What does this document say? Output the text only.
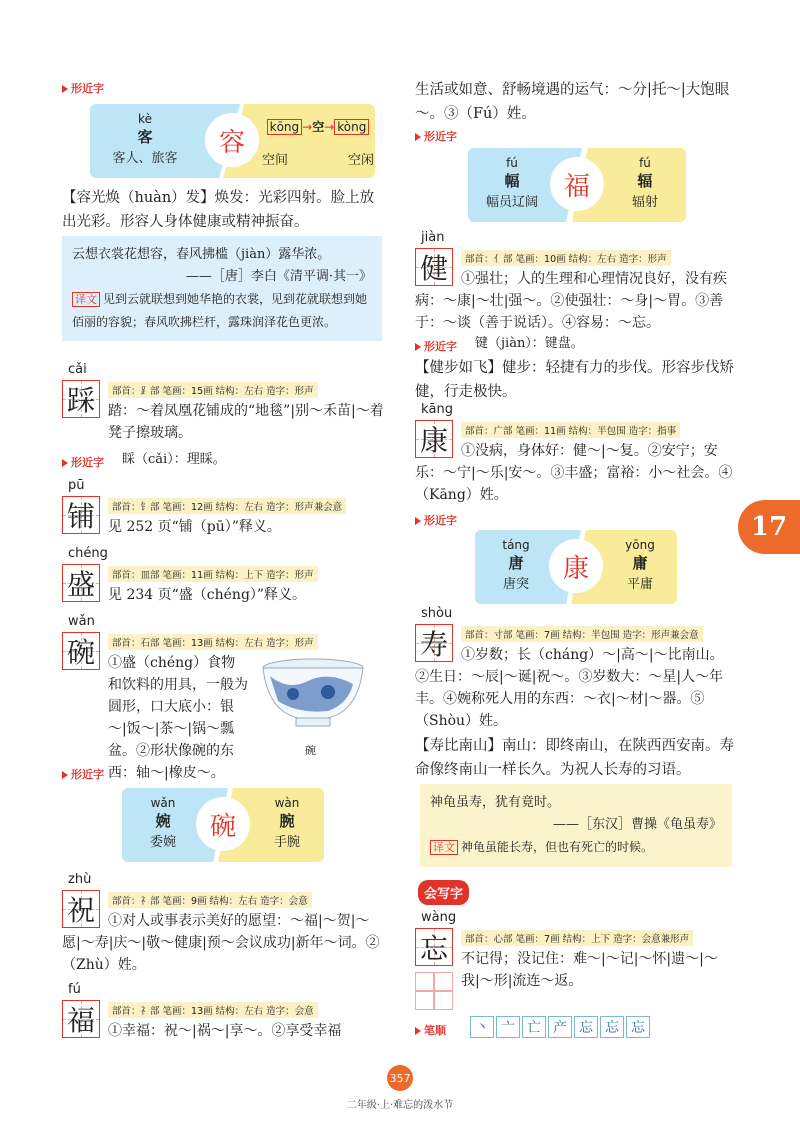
形近字
容
kè
客
客人、旅客
kōng →空→ kòng
空间	空闲
【容光焕（huàn）发】焕发：光彩四射。脸上放出光彩。形容人身体健康或精神振奋。
云想衣裳花想容，春风拂槛（jiàn）露华浓。
——［唐］李白《清平调·其一》
译文 见到云就联想到她华艳的衣裳，见到花就联想到她佰丽的容貌；春风吹拂栏杆，露珠润泽花色更浓。
cǎi
踩	部首：⻊部 笔画：15画 结构：左右 造字：形声
踏：～着凤凰花铺成的“地毯”|别～禾苗|～着凳子擦玻璃。
形近字 睬（cǎi）：理睬。
pū
铺	部首：钅部 笔画：12画 结构：左右 造字：形声兼会意
见 252 页“铺（pū）”释义。
chéng
盛	部首：皿部 笔画：11画 结构：上下 造字：形声
见 234 页“盛（chéng）”释义。
wǎn
碗	部首：石部 笔画：13画 结构：左右 造字：形声
①盛（chéng）食物和饮料的用具，一般为圆形，口大底小：银～|饭～|茶～|锅～瓢盆。②形状像碗的东西：轴～|橡皮～。
碗
形近字
碗
wǎn
婉
委婉
wàn
腕
手腕
zhù
祝	部首：礻部 笔画：9画 结构：左右 造字：会意
①对人或事表示美好的愿望：～福|～贺|～愿|～寿|庆～|敬～健康|预～会议成功|新年～词。②（Zhù）姓。
fú
福	部首：礻部 笔画：13画 结构：左右 造字：会意
①幸福：祝～|祸～|享～。②享受幸福
生活或如意、舒畅境遇的运气：～分|托～|大饱眼～。③（Fú）姓。
形近字
福
fú
幅
幅员辽阔
fú
辐
辐射
jiàn
健	部首：亻部 笔画：10画 结构：左右 造字：形声
①强壮；人的生理和心理情况良好，没有疾病：～康|～壮|强～。②使强壮：～身|～胃。③善于：～谈（善于说话）。④容易：～忘。
形近字 键（jiàn）：键盘。
【健步如飞】健步：轻捷有力的步伐。形容步伐矫健，行走极快。
kāng
康	部首：广部 笔画：11画 结构：半包围 造字：指事
①没病，身体好：健～|～复。②安宁；安乐：～宁|～乐|安～。③丰盛；富裕：小～社会。④（Kāng）姓。
形近字
康
táng
唐
唐突
yōng
庸
平庸
shòu
寿	部首：寸部 笔画：7画 结构：半包围 造字：形声兼会意
①岁数；长（cháng）～|高～|～比南山。②生日：～辰|～诞|祝～。③岁数大：～星|人～年丰。④婉称死人用的东西：～衣|～材|～器。⑤（Shòu）姓。
【寿比南山】南山：即终南山，在陕西西安南。寿命像终南山一样长久。为祝人长寿的习语。
神龟虽寿，犹有竟时。
——［东汉］曹操《龟虽寿》
译文 神龟虽能长寿，但也有死亡的时候。
会写字
wàng
忘	部首：心部 笔画：7画 结构：上下 造字：会意兼形声
不记得；没记住：难～|～记|～怀|遗～|～我|～形|流连～返。
笔顺	丶 亠 亡 产 忘 忘 忘
17
357
二年级·上·难忘的泼水节
